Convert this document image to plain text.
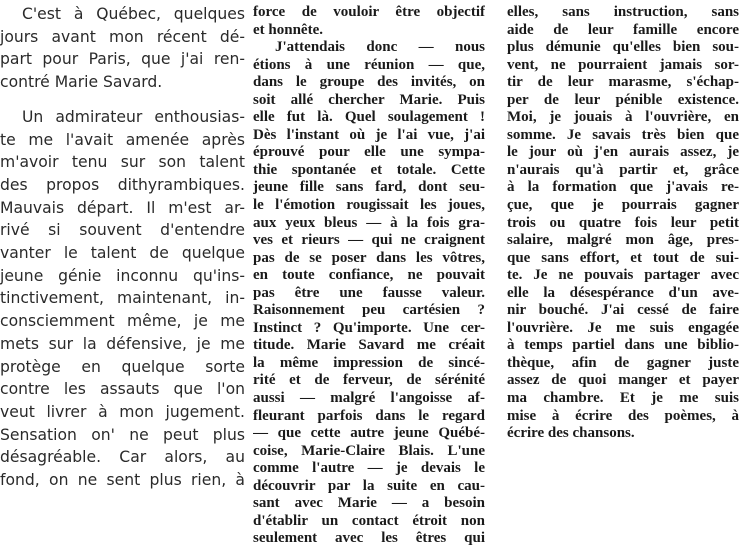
C'est à Québec, quelques
jours avant mon récent dé-
part pour Paris, que j'ai ren-
contré Marie Savard.

Un admirateur enthousias-
te me l'avait amenée après
m'avoir tenu sur son talent
des propos dithyrambiques.
Mauvais départ. Il m'est ar-
rivé si souvent d'entendre
vanter le talent de quelque
jeune génie inconnu qu'ins-
tinctivement, maintenant, in-
consciemment même, je me
mets sur la défensive, je me
protège en quelque sorte
contre les assauts que l'on
veut livrer à mon jugement.
Sensation on' ne peut plus
désagréable. Car alors, au
fond, on ne sent plus rien, à

force de vouloir être objectif
et honnête.
J'attendais donc — nous
étions à une réunion — que,
dans le groupe des invités, on
soit allé chercher Marie. Puis
elle fut là. Quel soulagement !
Dès l'instant où je l'ai vue, j'ai
éprouvé pour elle une sympa-
thie spontanée et totale. Cette
jeune fille sans fard, dont seu-
le l'émotion rougissait les joues,
aux yeux bleus — à la fois gra-
ves et rieurs — qui ne craignent
pas de se poser dans les vôtres,
en toute confiance, ne pouvait
pas être une fausse valeur.
Raisonnement peu cartésien ?
Instinct ? Qu'importe. Une cer-
titude. Marie Savard me créait
la même impression de sincé-
rité et de ferveur, de sérénité
aussi — malgré l'angoisse af-
fleurant parfois dans le regard
— que cette autre jeune Québé-
coise, Marie-Claire Blais. L'une
comme l'autre — je devais le
découvrir par la suite en cau-
sant avec Marie — a besoin
d'établir un contact étroit non
seulement avec les êtres qui
elles, sans instruction, sans
aide de leur famille encore
plus démunie qu'elles bien sou-
vent, ne pourraient jamais sor-
tir de leur marasme, s'échap-
per de leur pénible existence.
Moi, je jouais à l'ouvrière, en
somme. Je savais très bien que
le jour où j'en aurais assez, je
n'aurais qu'à partir et, grâce
à la formation que j'avais re-
çue, que je pourrais gagner
trois ou quatre fois leur petit
salaire, malgré mon âge, pres-
que sans effort, et tout de sui-
te. Je ne pouvais partager avec
elle la désespérance d'un ave-
nir bouché. J'ai cessé de faire
l'ouvrière. Je me suis engagée
à temps partiel dans une biblio-
thèque, afin de gagner juste
assez de quoi manger et payer
ma chambre. Et je me suis
mise à écrire des poèmes, à
écrire des chansons.
